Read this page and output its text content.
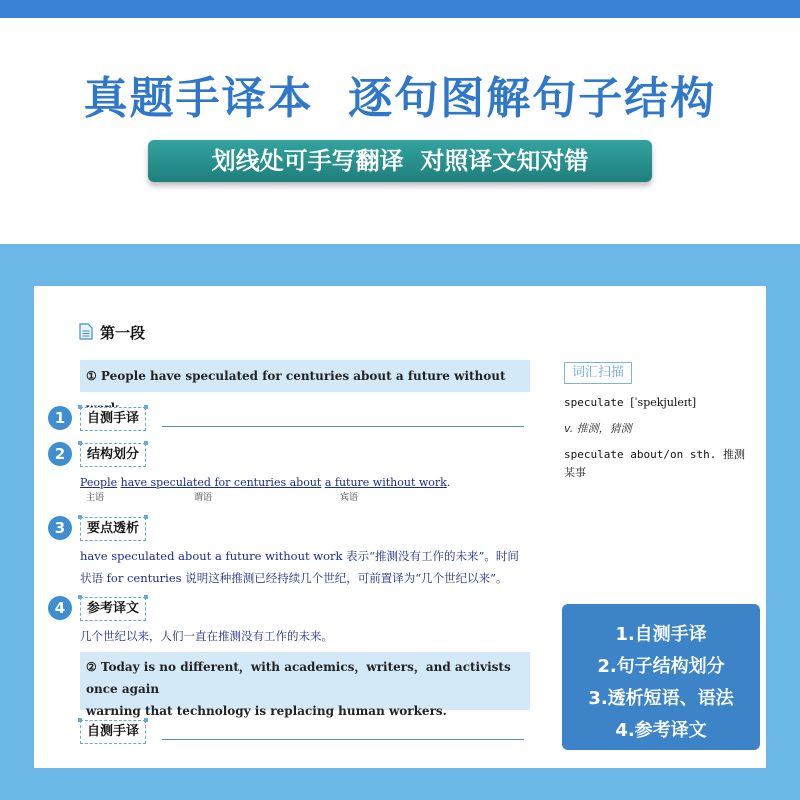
真题手译本  逐句图解句子结构
划线处可手写翻译  对照译文知对错
第一段
① People have speculated for centuries about a future without
1	自测手译
2	结构划分
People have speculated for centuries about a future without work.
主语	谓语	宾语
3	要点透析
have speculated about a future without work 表示“推测没有工作的未来”。时间
状语 for centuries 说明这种推测已经持续几个世纪，可前置译为“几个世纪以来”。
4	参考译文
几个世纪以来，人们一直在推测没有工作的未来。
② Today is no different，with academics，writers，and activists once again
warning that technology is replacing human workers.
自测手译
词汇扫描
speculate [ˈspekjuleɪt]
v. 推测，猜测
speculate about/on sth. 推测
某事
1.自测手译
2.句子结构划分
3.透析短语、语法
4.参考译文
